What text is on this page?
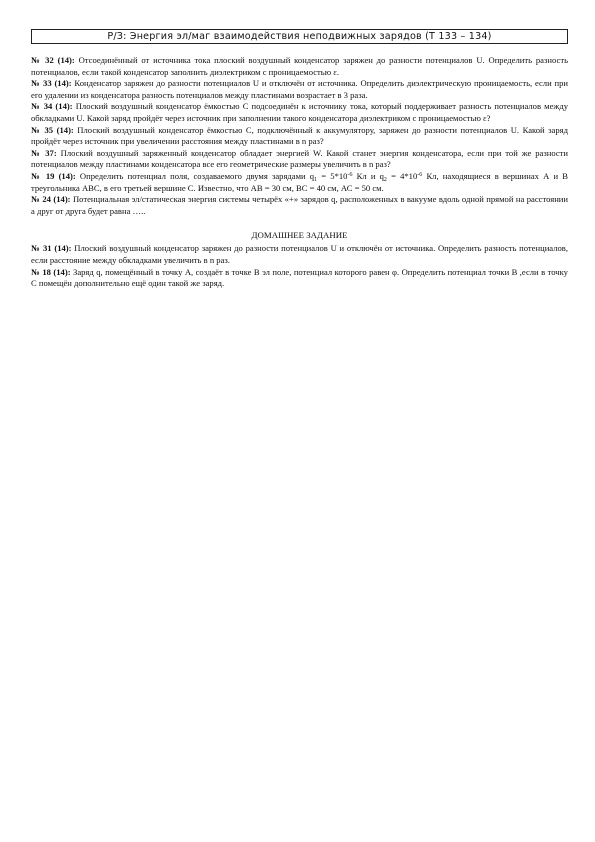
Р/З: Энергия эл/маг взаимодействия неподвижных зарядов (Т 133 – 134)

№ 32 (14): Отсоединённый от источника тока плоский воздушный конденсатор заряжен до разности потенциалов U. Определить разность потенциалов, если такой конденсатор заполнить диэлектриком с проницаемостью ε.

№ 33 (14): Конденсатор заряжен до разности потенциалов U и отключён от источника. Определить диэлектрическую проницаемость, если при его удалении из конденсатора разность потенциалов между пластинами возрастает в 3 раза.

№ 34 (14): Плоский воздушный конденсатор ёмкостью С подсоединён к источнику тока, который поддерживает разность потенциалов между обкладками U. Какой заряд пройдёт через источник при заполнении такого конденсатора диэлектриком с проницаемостью ε?

№ 35 (14): Плоский воздушный конденсатор ёмкостью С, подключённый к аккумулятору, заряжен до разности потенциалов U. Какой заряд пройдёт через источник при увеличении расстояния между пластинами в n раз?

№ 37: Плоский воздушный заряженный конденсатор обладает энергией W. Какой станет энергия конденсатора, если при той же разности потенциалов между пластинами конденсатора все его геометрические размеры увеличить в n раз?

№ 19 (14): Определить потенциал поля, создаваемого двумя зарядами $q_1 = 5*10^{-6}$ Кл и $q_2 = 4*10^{-6}$ Кл, находящиеся в вершинах А и В треугольника АВС, в его третьей вершине С. Известно, что АВ = 30 см, ВС = 40 см, АС = 50 см.

№ 24 (14): Потенциальная эл/статическая энергия системы четырёх «+» зарядов q, расположенных в вакууме вдоль одной прямой на расстоянии a друг от друга будет равна …..

ДОМАШНЕЕ ЗАДАНИЕ

№ 31 (14): Плоский воздушный конденсатор заряжен до разности потенциалов U и отключён от источника. Определить разность потенциалов, если расстояние между обкладками увеличить в n раз.

№ 18 (14): Заряд q, помещённый в точку А, создаёт в точке В эл поле, потенциал которого равен φ. Определить потенциал точки В ,если в точку С помещён дополнительно ещё один такой же заряд.
